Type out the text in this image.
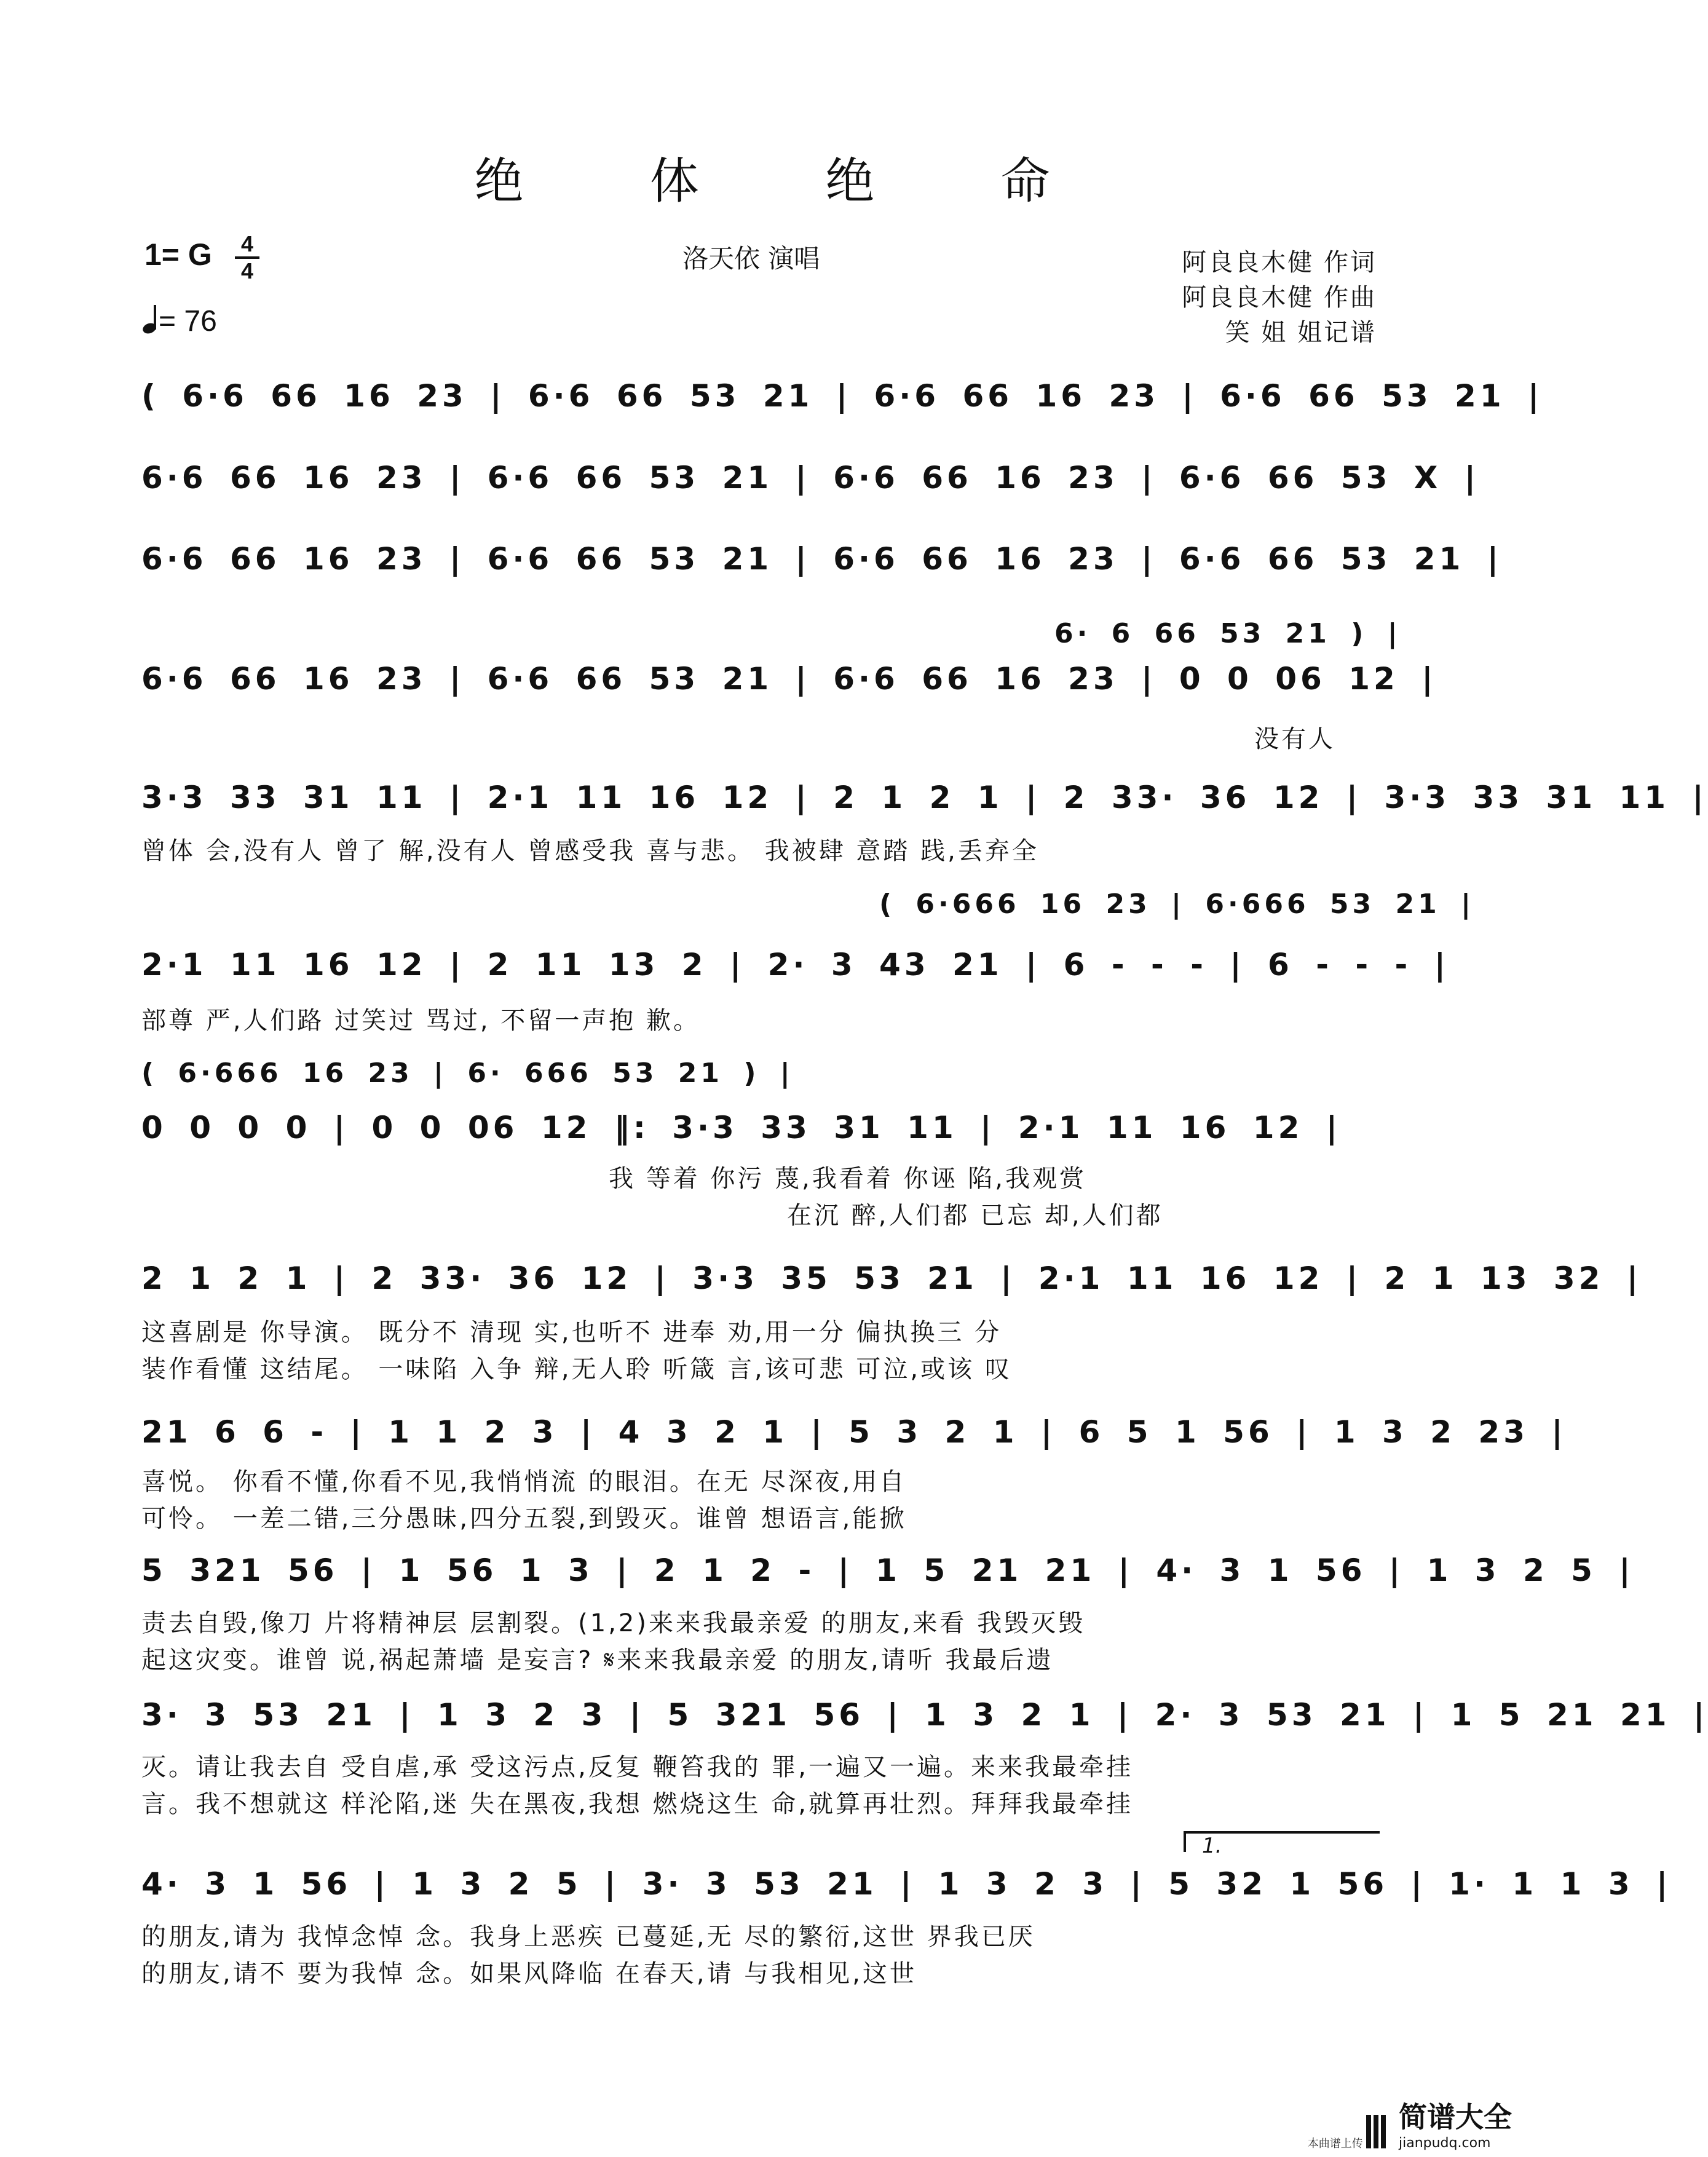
绝 体 绝 命
1= G 4
4
= 76
洛天依 演唱	阿良良木健 作词
阿良良木健 作曲
笑 姐 姐记谱
( 6·6 66 16 23 | 6·6 66 53 21 | 6·6 66 16 23 | 6·6 66 53 21 |
6·6 66 16 23 | 6·6 66 53 21 | 6·6 66 16 23 | 6·6 66 53 X |
6·6 66 16 23 | 6·6 66 53 21 | 6·6 66 16 23 | 6·6 66 53 21 |
6· 6 66 53 21 ) |
6·6 66 16 23 | 6·6 66 53 21 | 6·6 66 16 23 | 0 0 06 12 |
没有人
3·3 33 31 11 | 2·1 11 16 12 | 2 1 2 1 | 2 33· 36 12 | 3·3 33 31 11 |
曾体 会,没有人 曾了 解,没有人 曾感受我 喜与悲。 我被肆 意踏 践,丢弃全
( 6·666 16 23 | 6·666 53 21 |
2·1 11 16 12 | 2 11 13 2 | 2· 3 43 21 | 6 - - - | 6 - - - |
部尊 严,人们路 过笑过 骂过, 不留一声抱 歉。
( 6·666 16 23 | 6· 666 53 21 ) |
0 0 0 0 | 0 0 06 12 ‖: 3·3 33 31 11 | 2·1 11 16 12 |
我 等着 你污 蔑,我看着 你诬 陷,我观赏
在沉 醉,人们都 已忘 却,人们都
2 1 2 1 | 2 33· 36 12 | 3·3 35 53 21 | 2·1 11 16 12 | 2 1 13 32 |
这喜剧是 你导演。 既分不 清现 实,也听不 进奉 劝,用一分 偏执换三 分
装作看懂 这结尾。 一味陷 入争 辩,无人聆 听箴 言,该可悲 可泣,或该 叹
21 6 6 - | 1 1 2 3 | 4 3 2 1 | 5 3 2 1 | 6 5 1 56 | 1 3 2 23 |
喜悦。 你看不懂,你看不见,我悄悄流 的眼泪。在无 尽深夜,用自
可怜。 一差二错,三分愚昧,四分五裂,到毁灭。谁曾 想语言,能掀
5 321 56 | 1 56 1 3 | 2 1 2 - | 1 5 21 21 | 4· 3 1 56 | 1 3 2 5 |
责去自毁,像刀 片将精神层 层割裂。(1,2)来来我最亲爱 的朋友,来看 我毁灭毁
起这灾变。谁曾 说,祸起萧墙 是妄言? 𝄋来来我最亲爱 的朋友,请听 我最后遗
3· 3 53 21 | 1 3 2 3 | 5 321 56 | 1 3 2 1 | 2· 3 53 21 | 1 5 21 21 |
灭。请让我去自 受自虐,承 受这污点,反复 鞭笞我的 罪,一遍又一遍。来来我最牵挂
言。我不想就这 样沦陷,迷 失在黑夜,我想 燃烧这生 命,就算再壮烈。拜拜我最牵挂
1.
4· 3 1 56 | 1 3 2 5 | 3· 3 53 21 | 1 3 2 3 | 5 32 1 56 | 1· 1 1 3 |
的朋友,请为 我悼念悼 念。我身上恶疾 已蔓延,无 尽的繁衍,这世 界我已厌
的朋友,请不 要为我悼 念。如果风降临 在春天,请 与我相见,这世
本曲谱上传  简谱大全
jianpudq.com
